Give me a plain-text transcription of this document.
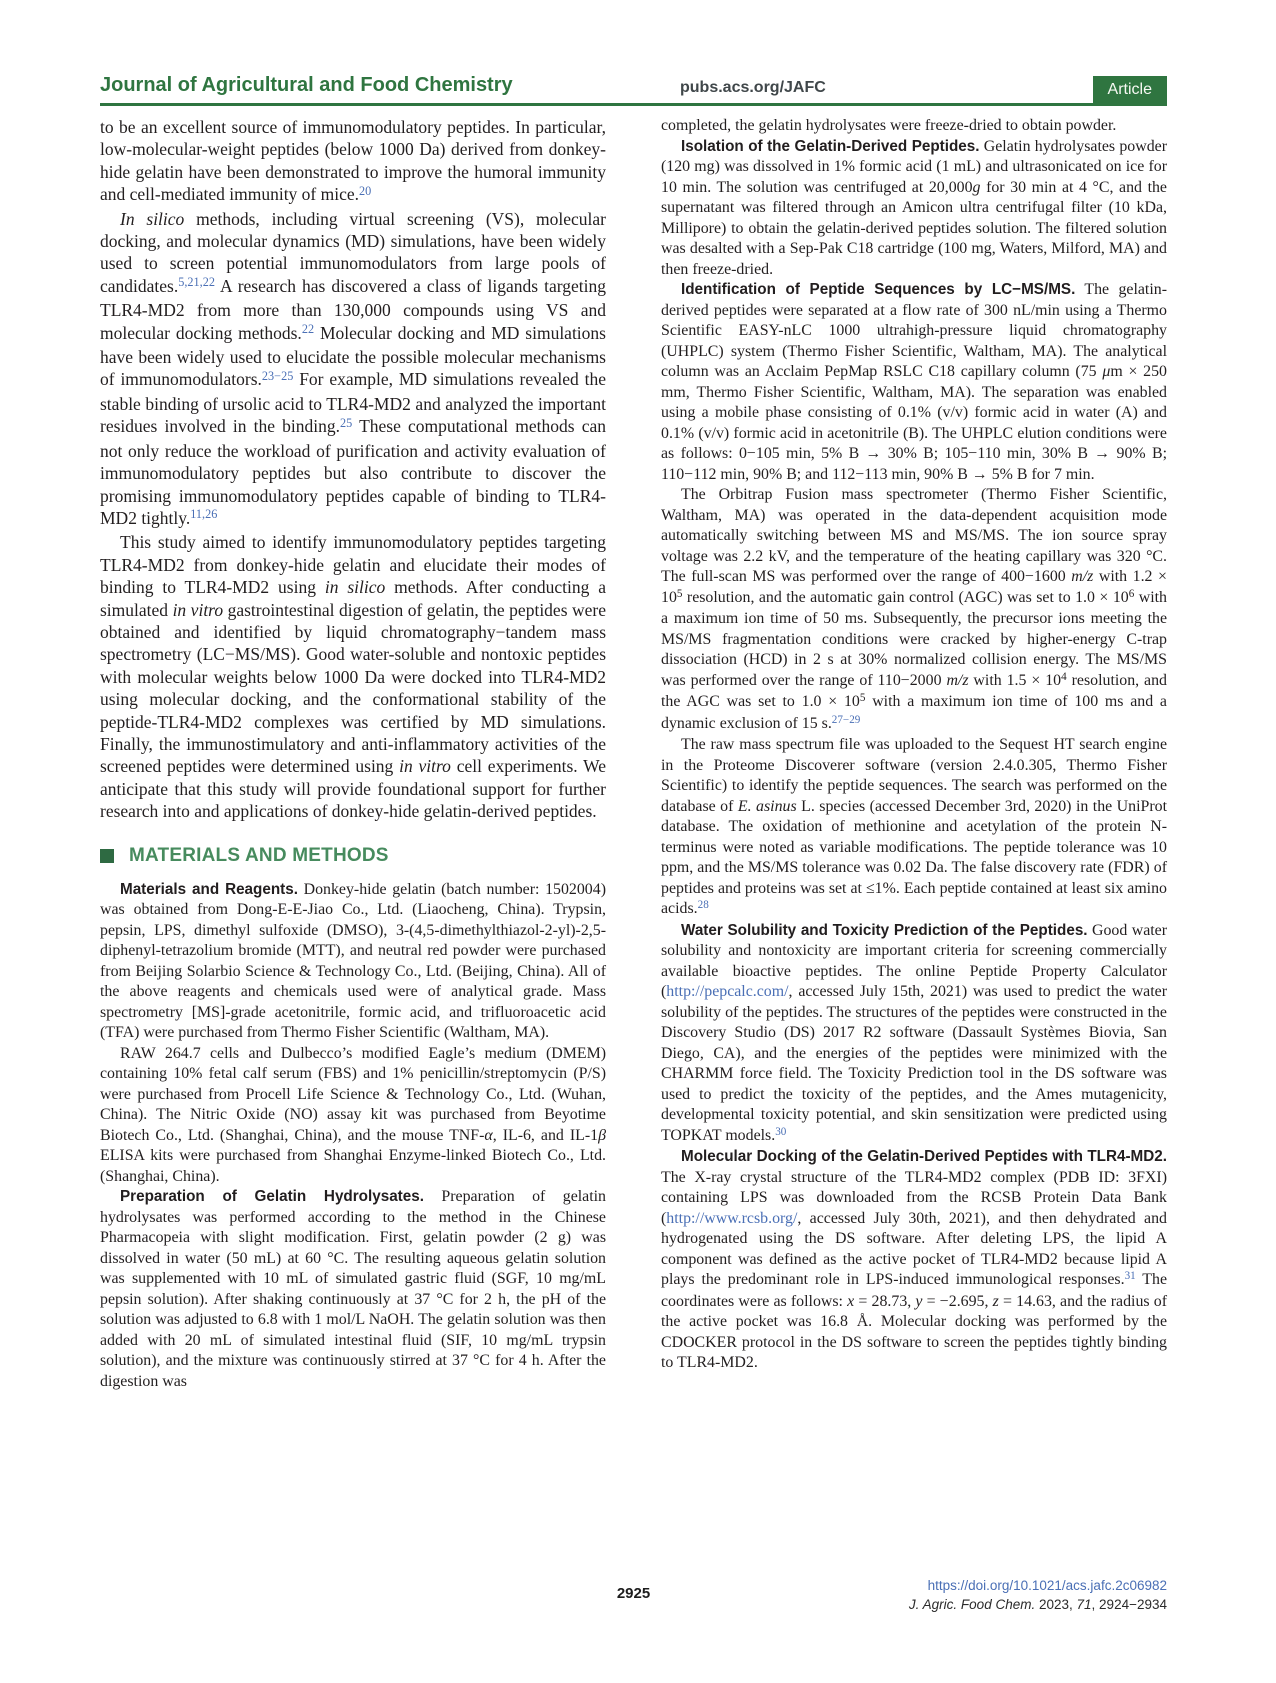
Journal of Agricultural and Food Chemistry	pubs.acs.org/JAFC	Article

to be an excellent source of immunomodulatory peptides. In particular, low-molecular-weight peptides (below 1000 Da) derived from donkey-hide gelatin have been demonstrated to improve the humoral immunity and cell-mediated immunity of mice.$^{20}$

In silico methods, including virtual screening (VS), molecular docking, and molecular dynamics (MD) simulations, have been widely used to screen potential immunomodulators from large pools of candidates.$^{5,21,22}$ A research has discovered a class of ligands targeting TLR4-MD2 from more than 130,000 compounds using VS and molecular docking methods.$^{22}$ Molecular docking and MD simulations have been widely used to elucidate the possible molecular mechanisms of immunomodulators.$^{23-25}$ For example, MD simulations revealed the stable binding of ursolic acid to TLR4-MD2 and analyzed the important residues involved in the binding.$^{25}$ These computational methods can not only reduce the workload of purification and activity evaluation of immunomodulatory peptides but also contribute to discover the promising immunomodulatory peptides capable of binding to TLR4-MD2 tightly.$^{11,26}$

This study aimed to identify immunomodulatory peptides targeting TLR4-MD2 from donkey-hide gelatin and elucidate their modes of binding to TLR4-MD2 using in silico methods. After conducting a simulated in vitro gastrointestinal digestion of gelatin, the peptides were obtained and identified by liquid chromatography−tandem mass spectrometry (LC−MS/MS). Good water-soluble and nontoxic peptides with molecular weights below 1000 Da were docked into TLR4-MD2 using molecular docking, and the conformational stability of the peptide-TLR4-MD2 complexes was certified by MD simulations. Finally, the immunostimulatory and anti-inflammatory activities of the screened peptides were determined using in vitro cell experiments. We anticipate that this study will provide foundational support for further research into and applications of donkey-hide gelatin-derived peptides.

MATERIALS AND METHODS

Materials and Reagents. Donkey-hide gelatin (batch number: 1502004) was obtained from Dong-E-E-Jiao Co., Ltd. (Liaocheng, China). Trypsin, pepsin, LPS, dimethyl sulfoxide (DMSO), 3-(4,5-dimethylthiazol-2-yl)-2,5-diphenyl-tetrazolium bromide (MTT), and neutral red powder were purchased from Beijing Solarbio Science & Technology Co., Ltd. (Beijing, China). All of the above reagents and chemicals used were of analytical grade. Mass spectrometry [MS]-grade acetonitrile, formic acid, and trifluoroacetic acid (TFA) were purchased from Thermo Fisher Scientific (Waltham, MA).

RAW 264.7 cells and Dulbecco’s modified Eagle’s medium (DMEM) containing 10% fetal calf serum (FBS) and 1% penicillin/streptomycin (P/S) were purchased from Procell Life Science & Technology Co., Ltd. (Wuhan, China). The Nitric Oxide (NO) assay kit was purchased from Beyotime Biotech Co., Ltd. (Shanghai, China), and the mouse TNF-α, IL-6, and IL-1β ELISA kits were purchased from Shanghai Enzyme-linked Biotech Co., Ltd. (Shanghai, China).

Preparation of Gelatin Hydrolysates. Preparation of gelatin hydrolysates was performed according to the method in the Chinese Pharmacopeia with slight modification. First, gelatin powder (2 g) was dissolved in water (50 mL) at 60 °C. The resulting aqueous gelatin solution was supplemented with 10 mL of simulated gastric fluid (SGF, 10 mg/mL pepsin solution). After shaking continuously at 37 °C for 2 h, the pH of the solution was adjusted to 6.8 with 1 mol/L NaOH. The gelatin solution was then added with 20 mL of simulated intestinal fluid (SIF, 10 mg/mL trypsin solution), and the mixture was continuously stirred at 37 °C for 4 h. After the digestion was

completed, the gelatin hydrolysates were freeze-dried to obtain powder.

Isolation of the Gelatin-Derived Peptides. Gelatin hydrolysates powder (120 mg) was dissolved in 1% formic acid (1 mL) and ultrasonicated on ice for 10 min. The solution was centrifuged at 20,000g for 30 min at 4 °C, and the supernatant was filtered through an Amicon ultra centrifugal filter (10 kDa, Millipore) to obtain the gelatin-derived peptides solution. The filtered solution was desalted with a Sep-Pak C18 cartridge (100 mg, Waters, Milford, MA) and then freeze-dried.

Identification of Peptide Sequences by LC−MS/MS. The gelatin-derived peptides were separated at a flow rate of 300 nL/min using a Thermo Scientific EASY-nLC 1000 ultrahigh-pressure liquid chromatography (UHPLC) system (Thermo Fisher Scientific, Waltham, MA). The analytical column was an Acclaim PepMap RSLC C18 capillary column (75 μm × 250 mm, Thermo Fisher Scientific, Waltham, MA). The separation was enabled using a mobile phase consisting of 0.1% (v/v) formic acid in water (A) and 0.1% (v/v) formic acid in acetonitrile (B). The UHPLC elution conditions were as follows: 0−105 min, 5% B → 30% B; 105−110 min, 30% B → 90% B; 110−112 min, 90% B; and 112−113 min, 90% B → 5% B for 7 min.

The Orbitrap Fusion mass spectrometer (Thermo Fisher Scientific, Waltham, MA) was operated in the data-dependent acquisition mode automatically switching between MS and MS/MS. The ion source spray voltage was 2.2 kV, and the temperature of the heating capillary was 320 °C. The full-scan MS was performed over the range of 400−1600 m/z with $1.2 \times 10^5$ resolution, and the automatic gain control (AGC) was set to $1.0 \times 10^6$ with a maximum ion time of 50 ms. Subsequently, the precursor ions meeting the MS/MS fragmentation conditions were cracked by higher-energy C-trap dissociation (HCD) in 2 s at 30% normalized collision energy. The MS/MS was performed over the range of 110−2000 m/z with $1.5 \times 10^4$ resolution, and the AGC was set to $1.0 \times 10^5$ with a maximum ion time of 100 ms and a dynamic exclusion of 15 s.$^{27-29}$

The raw mass spectrum file was uploaded to the Sequest HT search engine in the Proteome Discoverer software (version 2.4.0.305, Thermo Fisher Scientific) to identify the peptide sequences. The search was performed on the database of E. asinus L. species (accessed December 3rd, 2020) in the UniProt database. The oxidation of methionine and acetylation of the protein N-terminus were noted as variable modifications. The peptide tolerance was 10 ppm, and the MS/MS tolerance was 0.02 Da. The false discovery rate (FDR) of peptides and proteins was set at ≤1%. Each peptide contained at least six amino acids.$^{28}$

Water Solubility and Toxicity Prediction of the Peptides. Good water solubility and nontoxicity are important criteria for screening commercially available bioactive peptides. The online Peptide Property Calculator (http://pepcalc.com/, accessed July 15th, 2021) was used to predict the water solubility of the peptides. The structures of the peptides were constructed in the Discovery Studio (DS) 2017 R2 software (Dassault Systèmes Biovia, San Diego, CA), and the energies of the peptides were minimized with the CHARMM force field. The Toxicity Prediction tool in the DS software was used to predict the toxicity of the peptides, and the Ames mutagenicity, developmental toxicity potential, and skin sensitization were predicted using TOPKAT models.$^{30}$

Molecular Docking of the Gelatin-Derived Peptides with TLR4-MD2. The X-ray crystal structure of the TLR4-MD2 complex (PDB ID: 3FXI) containing LPS was downloaded from the RCSB Protein Data Bank (http://www.rcsb.org/, accessed July 30th, 2021), and then dehydrated and hydrogenated using the DS software. After deleting LPS, the lipid A component was defined as the active pocket of TLR4-MD2 because lipid A plays the predominant role in LPS-induced immunological responses.$^{31}$ The coordinates were as follows: x = 28.73, y = −2.695, z = 14.63, and the radius of the active pocket was 16.8 Å. Molecular docking was performed by the CDOCKER protocol in the DS software to screen the peptides tightly binding to TLR4-MD2.

2925	https://doi.org/10.1021/acs.jafc.2c06982
J. Agric. Food Chem. 2023, 71, 2924−2934
